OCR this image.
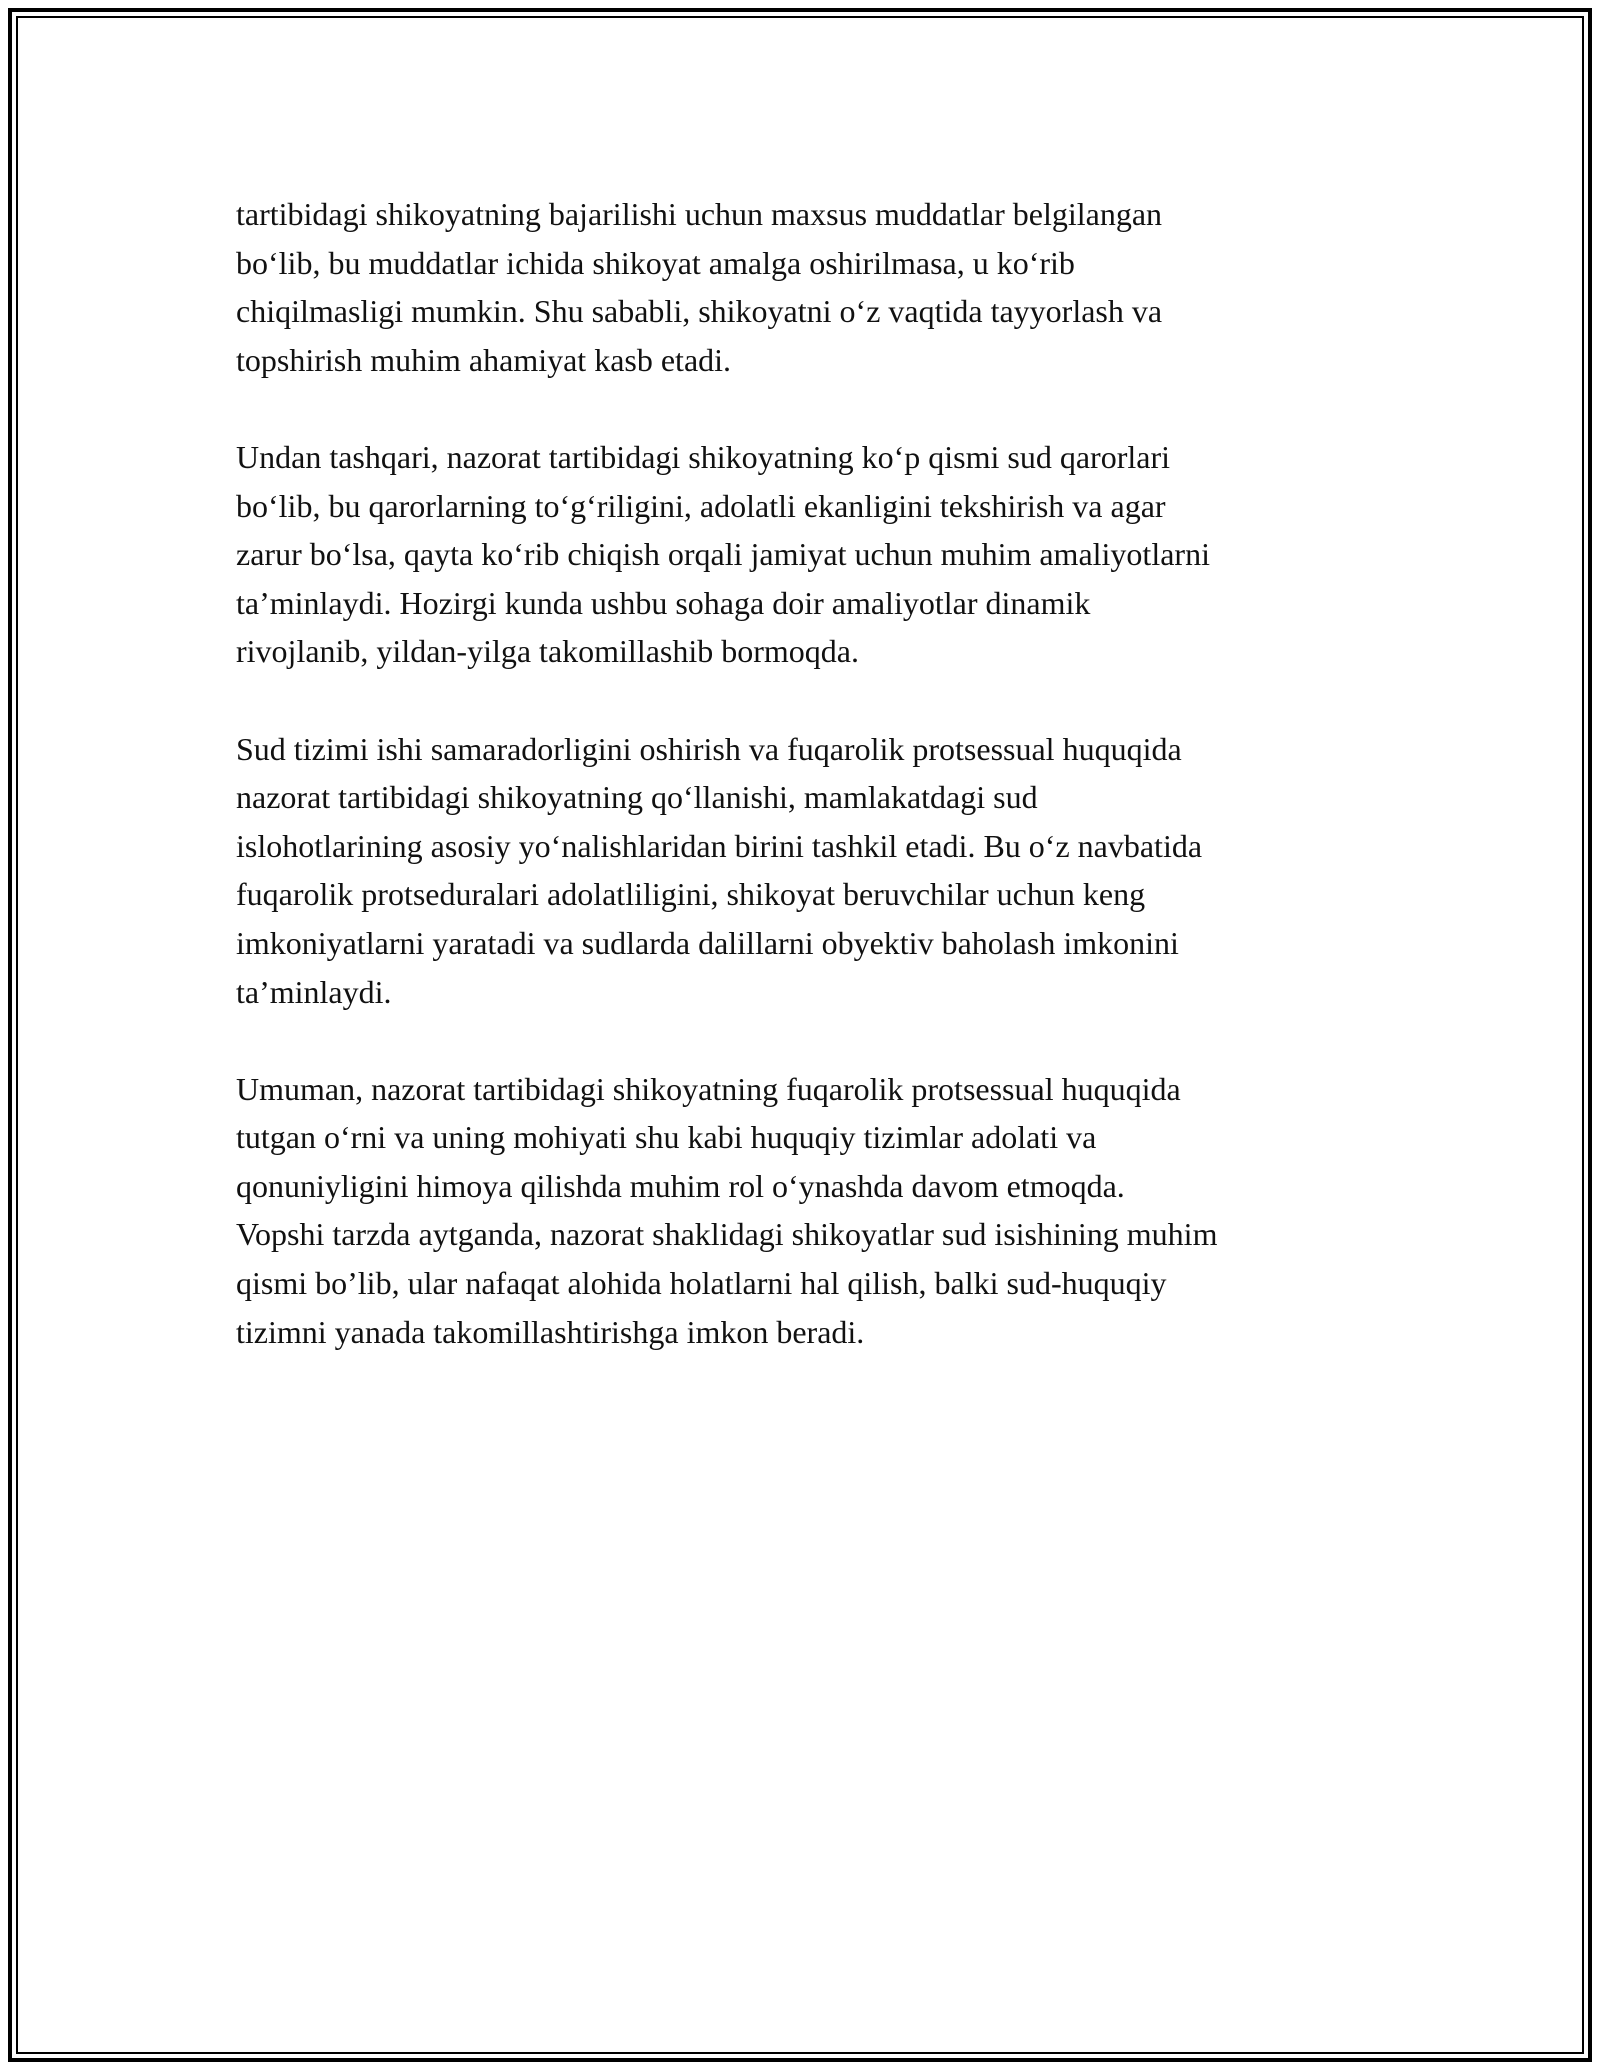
tartibidagi shikoyatning bajarilishi uchun maxsus muddatlar belgilangan
bo‘lib, bu muddatlar ichida shikoyat amalga oshirilmasa, u ko‘rib
chiqilmasligi mumkin. Shu sababli, shikoyatni o‘z vaqtida tayyorlash va
topshirish muhim ahamiyat kasb etadi.

Undan tashqari, nazorat tartibidagi shikoyatning ko‘p qismi sud qarorlari
bo‘lib, bu qarorlarning to‘g‘riligini, adolatli ekanligini tekshirish va agar
zarur bo‘lsa, qayta ko‘rib chiqish orqali jamiyat uchun muhim amaliyotlarni
ta’minlaydi. Hozirgi kunda ushbu sohaga doir amaliyotlar dinamik
rivojlanib, yildan-yilga takomillashib bormoqda.

Sud tizimi ishi samaradorligini oshirish va fuqarolik protsessual huquqida
nazorat tartibidagi shikoyatning qo‘llanishi, mamlakatdagi sud
islohotlarining asosiy yo‘nalishlaridan birini tashkil etadi. Bu o‘z navbatida
fuqarolik protseduralari adolatliligini, shikoyat beruvchilar uchun keng
imkoniyatlarni yaratadi va sudlarda dalillarni obyektiv baholash imkonini
ta’minlaydi.

Umuman, nazorat tartibidagi shikoyatning fuqarolik protsessual huquqida
tutgan o‘rni va uning mohiyati shu kabi huquqiy tizimlar adolati va
qonuniyligini himoya qilishda muhim rol o‘ynashda davom etmoqda.
Vopshi tarzda aytganda, nazorat shaklidagi shikoyatlar sud isishining muhim
qismi bo’lib, ular nafaqat alohida holatlarni hal qilish, balki sud-huquqiy
tizimni yanada takomillashtirishga imkon beradi.
